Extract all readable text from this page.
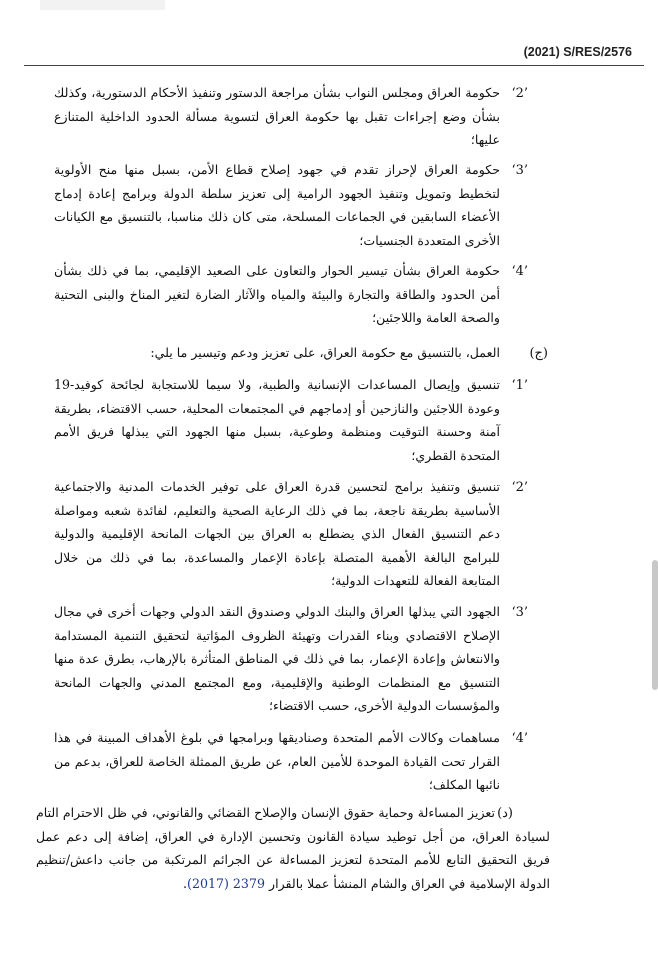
(2021) S/RES/2576
‘2’
حكومة العراق ومجلس النواب بشأن مراجعة الدستور وتنفيذ الأحكام الدستورية، وكذلك بشأن وضع إجراءات تقبل بها حكومة العراق لتسوية مسألة الحدود الداخلية المتنازع عليها؛
‘3’
حكومة العراق لإحراز تقدم في جهود إصلاح قطاع الأمن، بسبل منها منح الأولوية لتخطيط وتمويل وتنفيذ الجهود الرامية إلى تعزيز سلطة الدولة وبرامج إعادة إدماج الأعضاء السابقين في الجماعات المسلحة، متى كان ذلك مناسبا، بالتنسيق مع الكيانات الأخرى المتعددة الجنسيات؛
‘4’
حكومة العراق بشأن تيسير الحوار والتعاون على الصعيد الإقليمي، بما في ذلك بشأن أمن الحدود والطاقة والتجارة والبيئة والمياه والآثار الضارة لتغير المناخ والبنى التحتية والصحة العامة واللاجئين؛
(ج)
العمل، بالتنسيق مع حكومة العراق، على تعزيز ودعم وتيسير ما يلي:
‘1’
تنسيق وإيصال المساعدات الإنسانية والطبية، ولا سيما للاستجابة لجائحة كوفيد-19 وعودة اللاجئين والنازحين أو إدماجهم في المجتمعات المحلية، حسب الاقتضاء، بطريقة آمنة وحسنة التوقيت ومنظمة وطوعية، بسبل منها الجهود التي يبذلها فريق الأمم المتحدة القطري؛
‘2’
تنسيق وتنفيذ برامج لتحسين قدرة العراق على توفير الخدمات المدنية والاجتماعية الأساسية بطريقة ناجعة، بما في ذلك الرعاية الصحية والتعليم، لفائدة شعبه ومواصلة دعم التنسيق الفعال الذي يضطلع به العراق بين الجهات المانحة الإقليمية والدولية للبرامج البالغة الأهمية المتصلة بإعادة الإعمار والمساعدة، بما في ذلك من خلال المتابعة الفعالة للتعهدات الدولية؛
‘3’
الجهود التي يبذلها العراق والبنك الدولي وصندوق النقد الدولي وجهات أخرى في مجال الإصلاح الاقتصادي وبناء القدرات وتهيئة الظروف المؤاتية لتحقيق التنمية المستدامة والانتعاش وإعادة الإعمار، بما في ذلك في المناطق المتأثرة بالإرهاب، بطرق عدة منها التنسيق مع المنظمات الوطنية والإقليمية، ومع المجتمع المدني والجهات المانحة والمؤسسات الدولية الأخرى، حسب الاقتضاء؛
‘4’
مساهمات وكالات الأمم المتحدة وصناديقها وبرامجها في بلوغ الأهداف المبينة في هذا القرار تحت القيادة الموحدة للأمين العام، عن طريق الممثلة الخاصة للعراق، بدعم من نائبها المكلف؛
(د)
تعزيز المساءلة وحماية حقوق الإنسان والإصلاح القضائي والقانوني، في ظل الاحترام التام لسيادة العراق، من أجل توطيد سيادة القانون وتحسين الإدارة في العراق، إضافة إلى دعم عمل فريق التحقيق التابع للأمم المتحدة لتعزيز المساءلة عن الجرائم المرتكبة من جانب داعش/تنظيم الدولة الإسلامية في العراق والشام المنشأ عملا بالقرار 2379 (2017).
